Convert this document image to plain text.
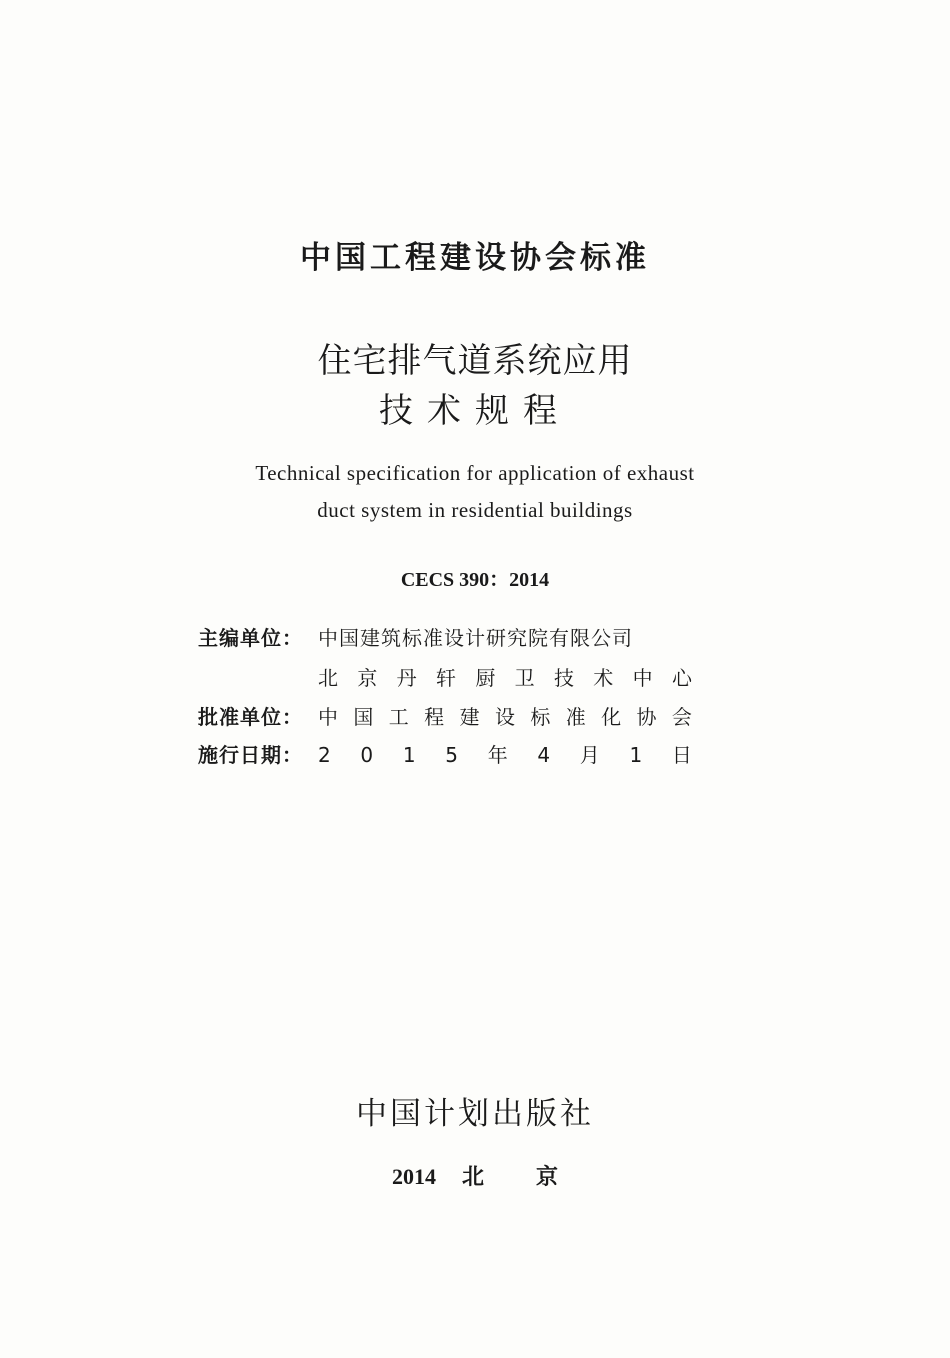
中国工程建设协会标准
住宅排气道系统应用
技术规程
Technical specification for application of exhaust
duct system in residential buildings
CECS 390：2014
主编单位： 中国建筑标准设计研究院有限公司
北 京 丹 轩 厨 卫 技 术 中 心
批准单位： 中 国 工 程 建 设 标 准 化 协 会
施行日期： 2 0 1 5 年 4 月 1 日
中国计划出版社
2014 北 京
